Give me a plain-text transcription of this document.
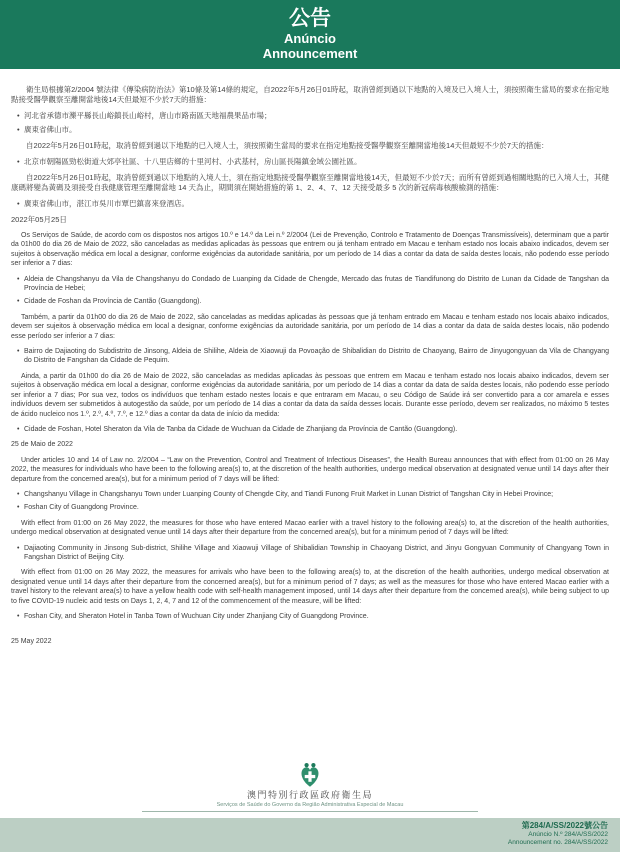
公告
Anúncio
Announcement

衛生局根據第2/2004 號法律《傳染病防治法》第10條及第14條的規定，自2022年5月26日01時起，取消曾經到過以下地點的入境及已入境人士，須按照衛生當局的要求在指定地點接受醫學觀察至離開當地後14天但最短不少於7天的措施：

• 河北省承德市灤平縣長山峪鎮長山峪村，唐山市路南區天地福農果品市場；
• 廣東省佛山市。

自2022年5月26日01時起，取消曾經到過以下地點的已入境人士，須按照衛生當局的要求在指定地點接受醫學觀察至離開當地後14天但最短不少於7天的措施：

• 北京市朝陽區勁松街道大郊亭社區、十八里店鄉的十里河村、小武基村，房山區長陽鎮金域公園社區。

自2022年5月26日01時起，取消曾經到過以下地點的入境人士，須在指定地點接受醫學觀察至離開當地後14天，但最短不少於7天；而所有曾經到過相關地點的已入境人士，其健康碼將變為黃碼及須接受自我健康管理至離開當地 14 天為止，期間須在開始措施的第 1、2、4、7、12 天接受最多 5 次的新冠病毒核酸檢測的措施：

• 廣東省佛山市，湛江市吳川市覃巴鎮喜來登酒店。

2022年05月25日

Os Serviços de Saúde, de acordo com os dispostos nos artigos 10.º e 14.º da Lei n.º 2/2004 (Lei de Prevenção, Controlo e Tratamento de Doenças Transmissíveis), determinam que a partir da 01h00 do dia 26 de Maio de 2022, são canceladas as medidas aplicadas às pessoas que entrem ou já tenham entrado em Macau e tenham estado nos locais abaixo indicados, devem ser sujeitos à observação médica em local a designar, conforme exigências da autoridade sanitária, por um período de 14 dias a contar da data de saída destes locais, não podendo esse período ser inferior a 7 dias:

• Aldeia de Changshanyu da Vila de Changshanyu do Condado de Luanping da Cidade de Chengde, Mercado das frutas de Tiandifunong do Distrito de Lunan da Cidade de Tangshan da Província de Hebei;
• Cidade de Foshan da Província de Cantão (Guangdong).

Também, a partir da 01h00 do dia 26 de Maio de 2022, são canceladas as medidas aplicadas às pessoas que já tenham entrado em Macau e tenham estado nos locais abaixo indicados, devem ser sujeitos à observação médica em local a designar, conforme exigências da autoridade sanitária, por um período de 14 dias a contar da data de saída destes locais, não podendo esse período ser inferior a 7 dias:

• Bairro de Dajiaoting do Subdistrito de Jinsong, Aldeia de Shilihe, Aldeia de Xiaowuji da Povoação de Shibalidian do Distrito de Chaoyang, Bairro de Jinyugongyuan da Vila de Changyang do Distrito de Fangshan da Cidade de Pequim.

Ainda, a partir da 01h00 do dia 26 de Maio de 2022, são canceladas as medidas aplicadas às pessoas que entrem em Macau e tenham estado nos locais abaixo indicados, devem ser sujeitos à observação médica em local a designar, conforme exigências da autoridade sanitária, por um período de 14 dias a contar da data de saída destes locais, não podendo esse período ser inferior a 7 dias; Por sua vez, todos os indivíduos que tenham estado nestes locais e que entraram em Macau, o seu Código de Saúde irá ser convertido para a cor amarela e esses indivíduos devem ser submetidos à autogestão da saúde, por um período de 14 dias a contar da data da saída desses locais. Durante esse período, devem ser realizados, no máximo 5 testes de ácido nucleico nos 1.º, 2.º, 4.º, 7.º, e 12.º dias a contar da data de início da medida:

• Cidade de Foshan, Hotel Sheraton da Vila de Tanba da Cidade de Wuchuan da Cidade de Zhanjiang da Província de Cantão (Guangdong).

25 de Maio de 2022

Under articles 10 and 14 of Law no. 2/2004 – “Law on the Prevention, Control and Treatment of Infectious Diseases”, the Health Bureau announces that with effect from 01:00 on 26 May 2022, the measures for individuals who have been to the following area(s) to, at the discretion of the health authorities, undergo medical observation at designated venue until 14 days after their departure from the concerned area(s), but for a minimum period of 7 days will be lifted:

• Changshanyu Village in Changshanyu Town under Luanping County of Chengde City, and Tiandi Funong Fruit Market in Lunan District of Tangshan City in Hebei Province;
• Foshan City of Guangdong Province.

With effect from 01:00 on 26 May 2022, the measures for those who have entered Macao earlier with a travel history to the following area(s) to, at the discretion of the health authorities, undergo medical observation at designated venue until 14 days after their departure from the concerned area(s), but for a minimum period of 7 days will be lifted:

• Dajiaoting Community in Jinsong Sub-district, Shilihe Village and Xiaowuji Village of Shibalidian Township in Chaoyang District, and Jinyu Gongyuan Community of Changyang Town in Fangshan District of Beijing City.

With effect from 01:00 on 26 May 2022, the measures for arrivals who have been to the following area(s) to, at the discretion of the health authorities, undergo medical observation at designated venue until 14 days after their departure from the concerned area(s), but for a minimum period of 7 days; as well as the measures for those who have entered Macao earlier with a travel history to the relevant area(s) to have a yellow health code with self-health management imposed, until 14 days after their departure from the concerned area(s), while being subject to up to five COVID-19 nucleic acid tests on Days 1, 2, 4, 7 and 12 of the commencement of the measure, will be lifted:

• Foshan City, and Sheraton Hotel in Tanba Town of Wuchuan City under Zhanjiang City of Guangdong Province.

25 May 2022

澳門特別行政區政府衛生局
Serviços de Saúde do Governo da Região Administrativa Especial de Macau
第284/A/SS/2022號公告
Anúncio N.º 284/A/SS/2022
Announcement no. 284/A/SS/2022
